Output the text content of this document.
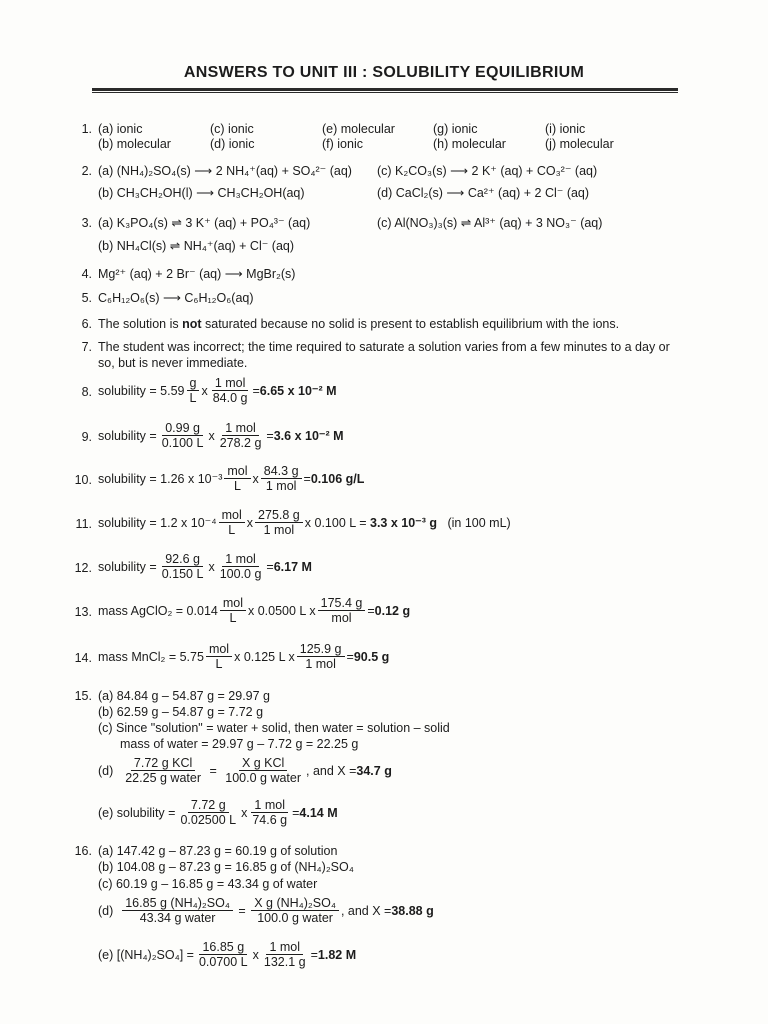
ANSWERS TO UNIT III : SOLUBILITY EQUILIBRIUM
1. (a) ionic
(b) molecular
(c) ionic
(d) ionic
(e) molecular
(f) ionic
(g) ionic
(h) molecular
(i) ionic
(j) molecular
2. (a) (NH₄)₂SO₄(s) ⟶ 2 NH₄⁺(aq) + SO₄²⁻ (aq)
(b) CH₃CH₂OH(l) ⟶ CH₃CH₂OH(aq)
(c) K₂CO₃(s) ⟶ 2 K⁺ (aq) + CO₃²⁻ (aq)
(d) CaCl₂(s) ⟶ Ca²⁺ (aq) + 2 Cl⁻ (aq)
3. (a) K₃PO₄(s) ⇌ 3 K⁺ (aq) + PO₄³⁻ (aq)
(b) NH₄Cl(s) ⇌ NH₄⁺(aq) + Cl⁻ (aq)
(c) Al(NO₃)₃(s) ⇌ Al³⁺ (aq) + 3 NO₃⁻ (aq)
4. Mg²⁺ (aq) + 2 Br⁻ (aq) ⟶ MgBr₂(s)
5. C₆H₁₂O₆(s) ⟶ C₆H₁₂O₆(aq)
6. The solution is not saturated because no solid is present to establish equilibrium with the ions.
7. The student was incorrect; the time required to saturate a solution varies from a few minutes to a day or so, but is never immediate.
8. solubility = $5.59 \frac{g}{L}$ x $\frac{\text{1 mol}}{84.0 g} = 6.65$ x 10⁻² M
9. solubility = $\frac{0.99 g}{0.100 L}$ x $\frac{\text{1 mol}}{278.2 g} = 3.6$ x 10⁻² M
10. solubility = 1.26 x $10^{-3} \frac{\text{mol}}{L}$ x $\frac{84.3 g}{\text{1 mol}} = 0.106$ g/L
11. solubility = 1.2 x $10^{-4} \frac{\text{mol}}{L}$ x $\frac{275.8 g}{\text{1 mol}}$ x 0.100 L =
3.3 x 10⁻³ g
(in 100 mL)
12. solubility = $\frac{92.6 g}{0.150 L}$ x $\frac{\text{1 mol}}{100.0 g} = 6.17$ M
13. mass AgClO₂ = $0.014 \frac{\text{mol}}{L}$ x 0.0500 L x $\frac{175.4 g}{\text{mol}} = 0.12$ g
14. mass MnCl₂ = $5.75 \frac{\text{mol}}{L}$ x 0.125 L x $\frac{125.9 g}{\text{1 mol}} = 90.5$ g
15. (a) 84.84 g – 54.87 g = 29.97 g
(b) 62.59 g – 54.87 g = 7.72 g
(c) Since "solution" = water + solid, then water = solution – solid
mass of water = 29.97 g – 7.72 g = 22.25 g
(d)
$\frac{\text{7.72 g KCl}}{\text{22.25 g water}}$
=
$\frac{\text{X g KCl}}{\text{100.0 g water}}$ , and X = 34.7 g
(e) solubility = $\frac{7.72 g}{0.02500 L}$ x $\frac{\text{1 mol}}{74.6 g} = 4.14$ M
16. (a) 147.42 g – 87.23 g = 60.19 g of solution
(b) 104.08 g – 87.23 g = 16.85 g of (NH₄)₂SO₄
(c) 60.19 g – 16.85 g = 43.34 g of water
(d)
$\frac{\text{16.85 g (NH₄)₂SO₄}}{\text{43.34 g water}}$
=
$\frac{\text{X g (NH₄)₂SO₄}}{\text{100.0 g water}}$ , and X = 38.88 g
(e) $[(NH_4)_2SO_4] = \frac{16.85 g}{0.0700 L}$ x $\frac{\text{1 mol}}{132.1 g} = 1.82$ M
